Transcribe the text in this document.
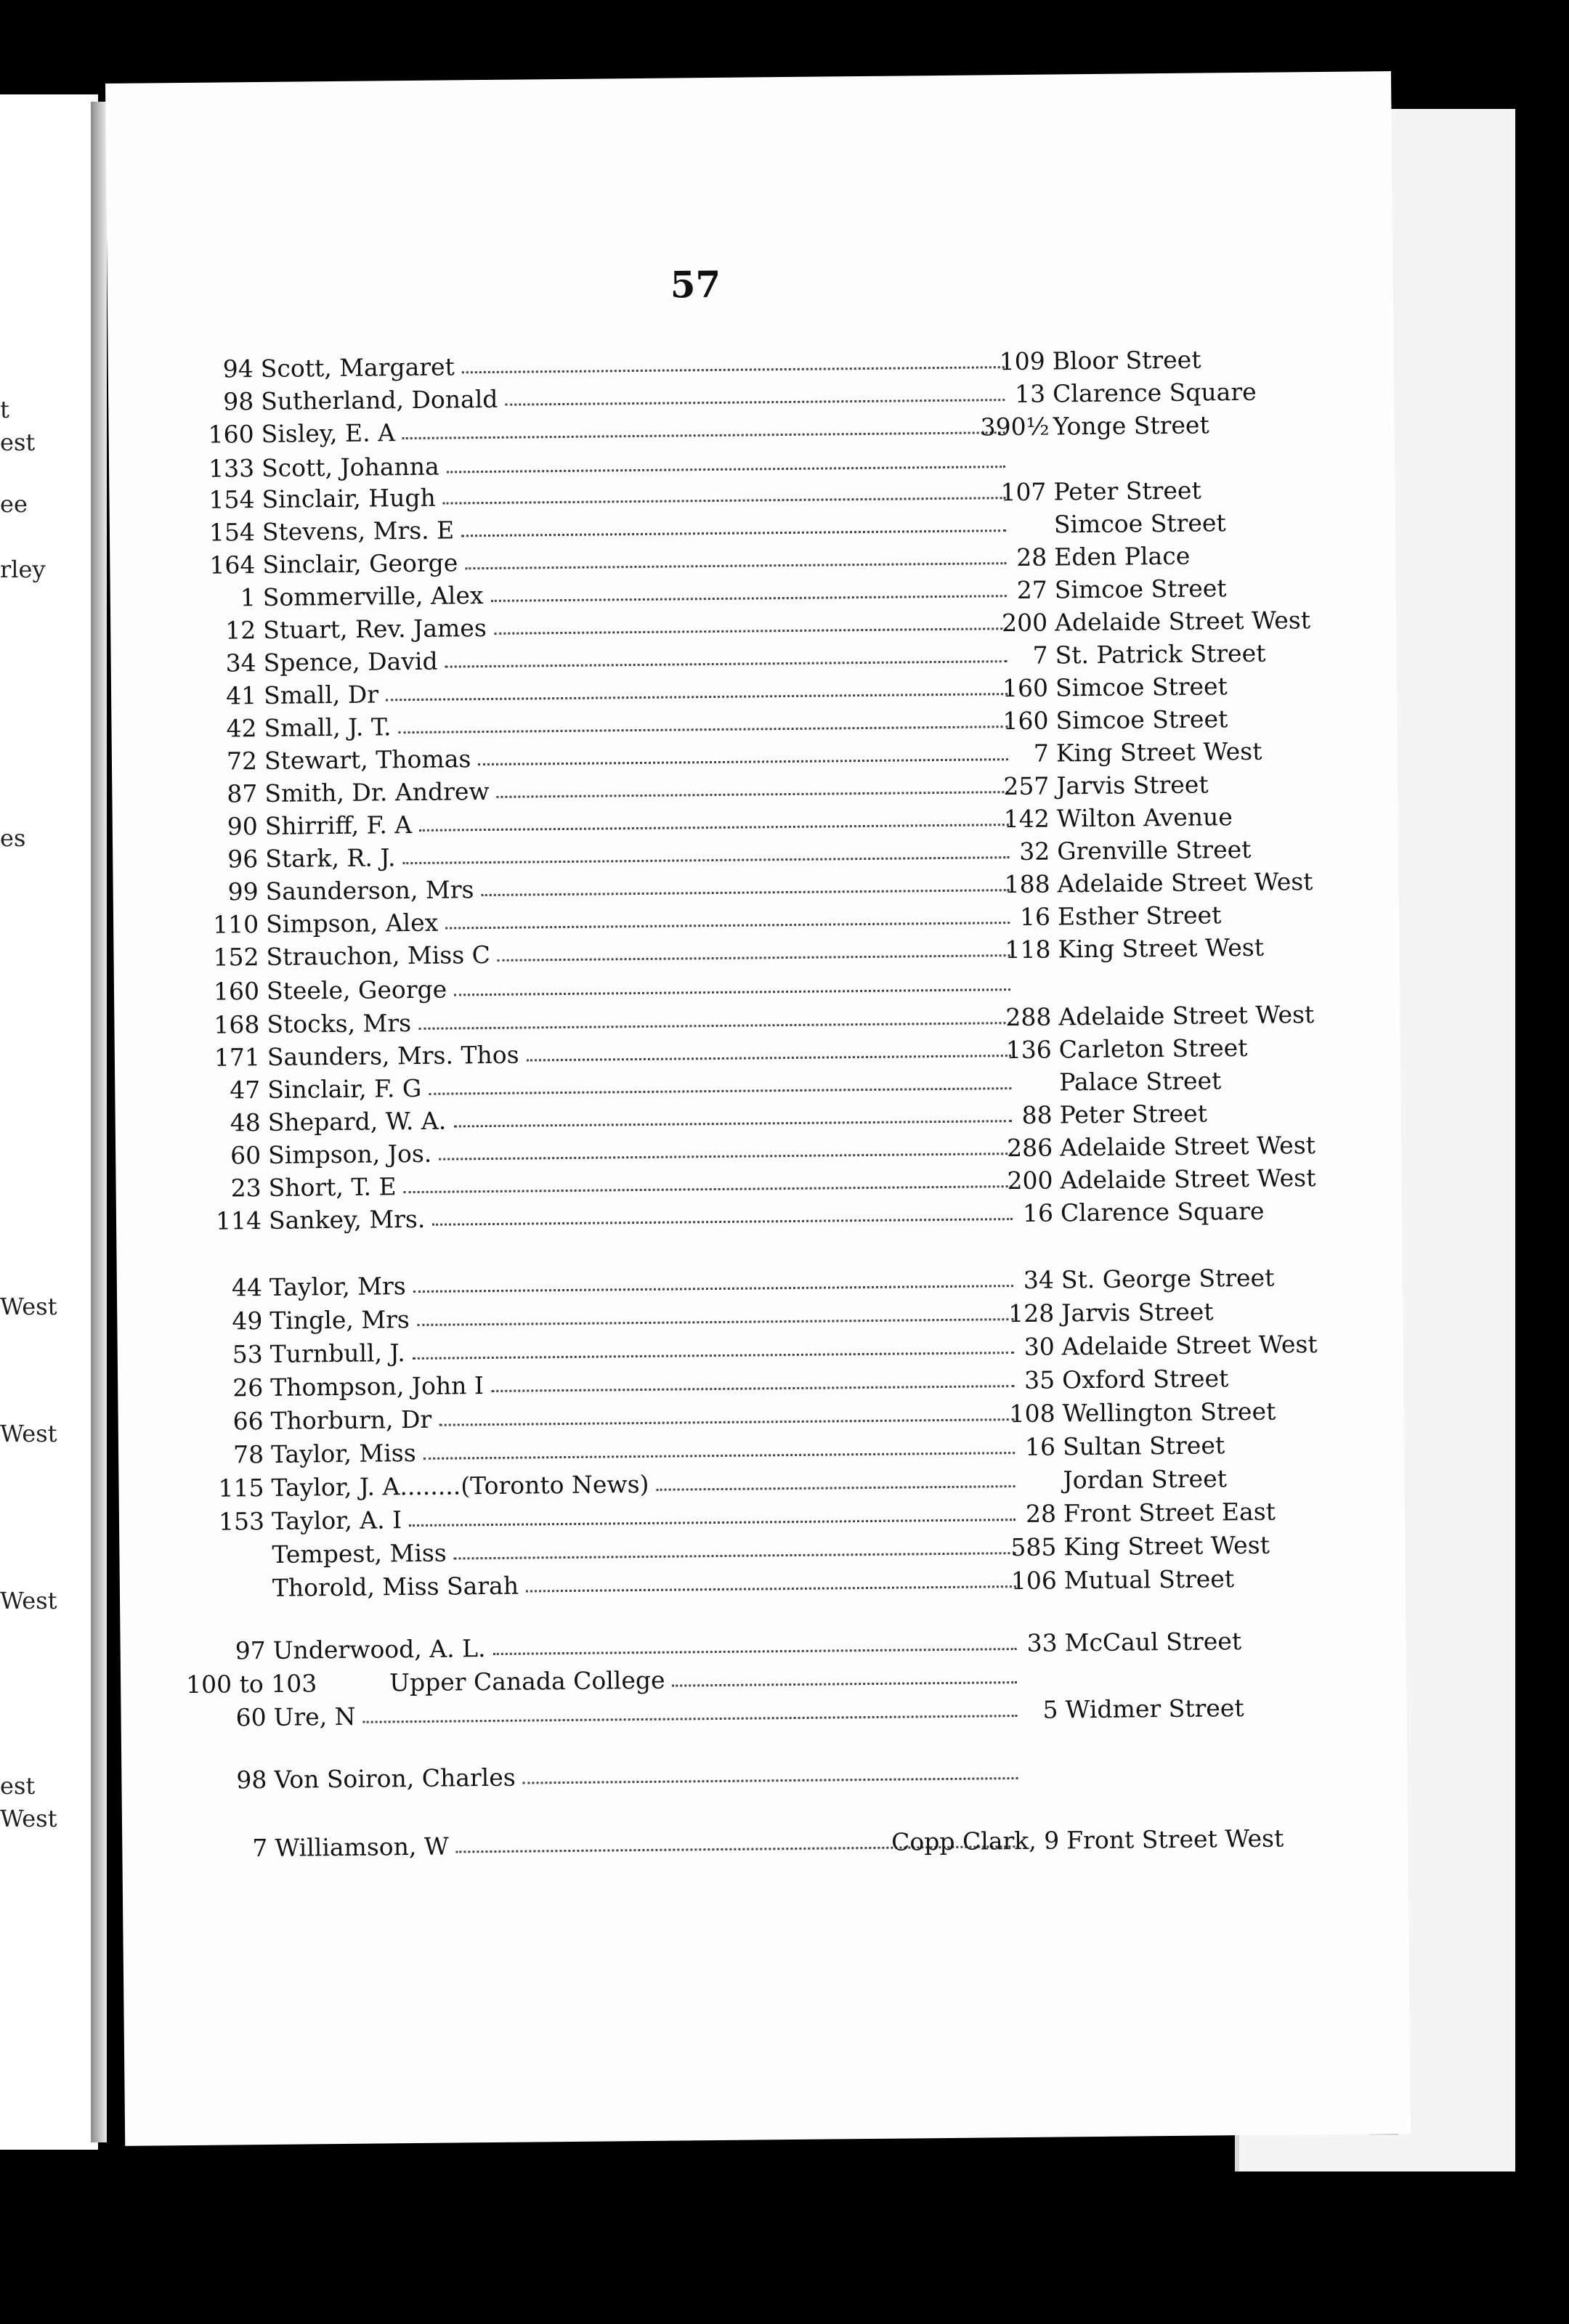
t
est
ee
rley
es
West
West
West
est
West
57
94 Scott, Margaret	109 Bloor Street
98 Sutherland, Donald	13 Clarence Square
160 Sisley, E. A	390½ Yonge Street
133 Scott, Johanna
154 Sinclair, Hugh	107 Peter Street
154 Stevens, Mrs. E	Simcoe Street
164 Sinclair, George	28 Eden Place
1 Sommerville, Alex	27 Simcoe Street
12 Stuart, Rev. James	200 Adelaide Street West
34 Spence, David	7 St. Patrick Street
41 Small, Dr	160 Simcoe Street
42 Small, J. T.	160 Simcoe Street
72 Stewart, Thomas	7 King Street West
87 Smith, Dr. Andrew	257 Jarvis Street
90 Shirriff, F. A	142 Wilton Avenue
96 Stark, R. J.	32 Grenville Street
99 Saunderson, Mrs	188 Adelaide Street West
110 Simpson, Alex	16 Esther Street
152 Strauchon, Miss C	118 King Street West
160 Steele, George
168 Stocks, Mrs	288 Adelaide Street West
171 Saunders, Mrs. Thos	136 Carleton Street
47 Sinclair, F. G	Palace Street
48 Shepard, W. A.	88 Peter Street
60 Simpson, Jos.	286 Adelaide Street West
23 Short, T. E	200 Adelaide Street West
114 Sankey, Mrs.	16 Clarence Square
44 Taylor, Mrs	34 St. George Street
49 Tingle, Mrs	128 Jarvis Street
53 Turnbull, J.	30 Adelaide Street West
26 Thompson, John I	35 Oxford Street
66 Thorburn, Dr	108 Wellington Street
78 Taylor, Miss	16 Sultan Street
115 Taylor, J. A........(Toronto News)	Jordan Street
153 Taylor, A. I	28 Front Street East
Tempest, Miss	585 King Street West
Thorold, Miss Sarah	106 Mutual Street
97 Underwood, A. L.	33 McCaul Street
100 to 103	Upper Canada College
60 Ure, N	5 Widmer Street
98 Von Soiron, Charles
7 Williamson, W	Copp Clark, 9 Front Street West
